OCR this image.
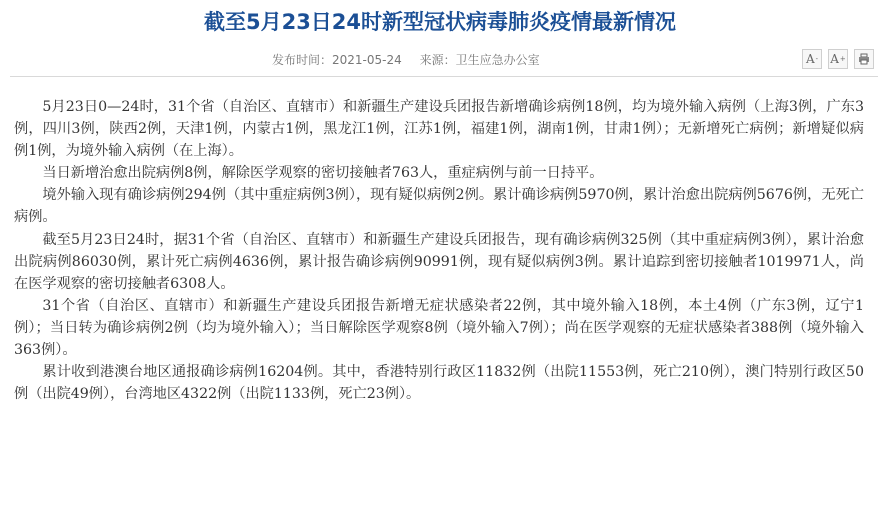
截至5月23日24时新型冠状病毒肺炎疫情最新情况
发布时间：2021-05-24 来源：卫生应急办公室	A - A +

5月23日0—24时，31个省（自治区、直辖市）和新疆生产建设兵团报告新增确诊病例18例，均为境外输入病例（上海3例，广东3例，四川3例，陕西2例，天津1例，内蒙古1例，黑龙江1例，江苏1例，福建1例，湖南1例，甘肃1例）；无新增死亡病例；新增疑似病例1例，为境外输入病例（在上海）。

当日新增治愈出院病例8例，解除医学观察的密切接触者763人，重症病例与前一日持平。

境外输入现有确诊病例294例（其中重症病例3例），现有疑似病例2例。累计确诊病例5970例，累计治愈出院病例5676例，无死亡病例。

截至5月23日24时，据31个省（自治区、直辖市）和新疆生产建设兵团报告，现有确诊病例325例（其中重症病例3例），累计治愈出院病例86030例，累计死亡病例4636例，累计报告确诊病例90991例，现有疑似病例3例。累计追踪到密切接触者1019971人，尚在医学观察的密切接触者6308人。

31个省（自治区、直辖市）和新疆生产建设兵团报告新增无症状感染者22例，其中境外输入18例，本土4例（广东3例，辽宁1例）；当日转为确诊病例2例（均为境外输入）；当日解除医学观察8例（境外输入7例）；尚在医学观察的无症状感染者388例（境外输入363例）。

累计收到港澳台地区通报确诊病例16204例。其中，香港特别行政区11832例（出院11553例，死亡210例），澳门特别行政区50例（出院49例），台湾地区4322例（出院1133例，死亡23例）。
